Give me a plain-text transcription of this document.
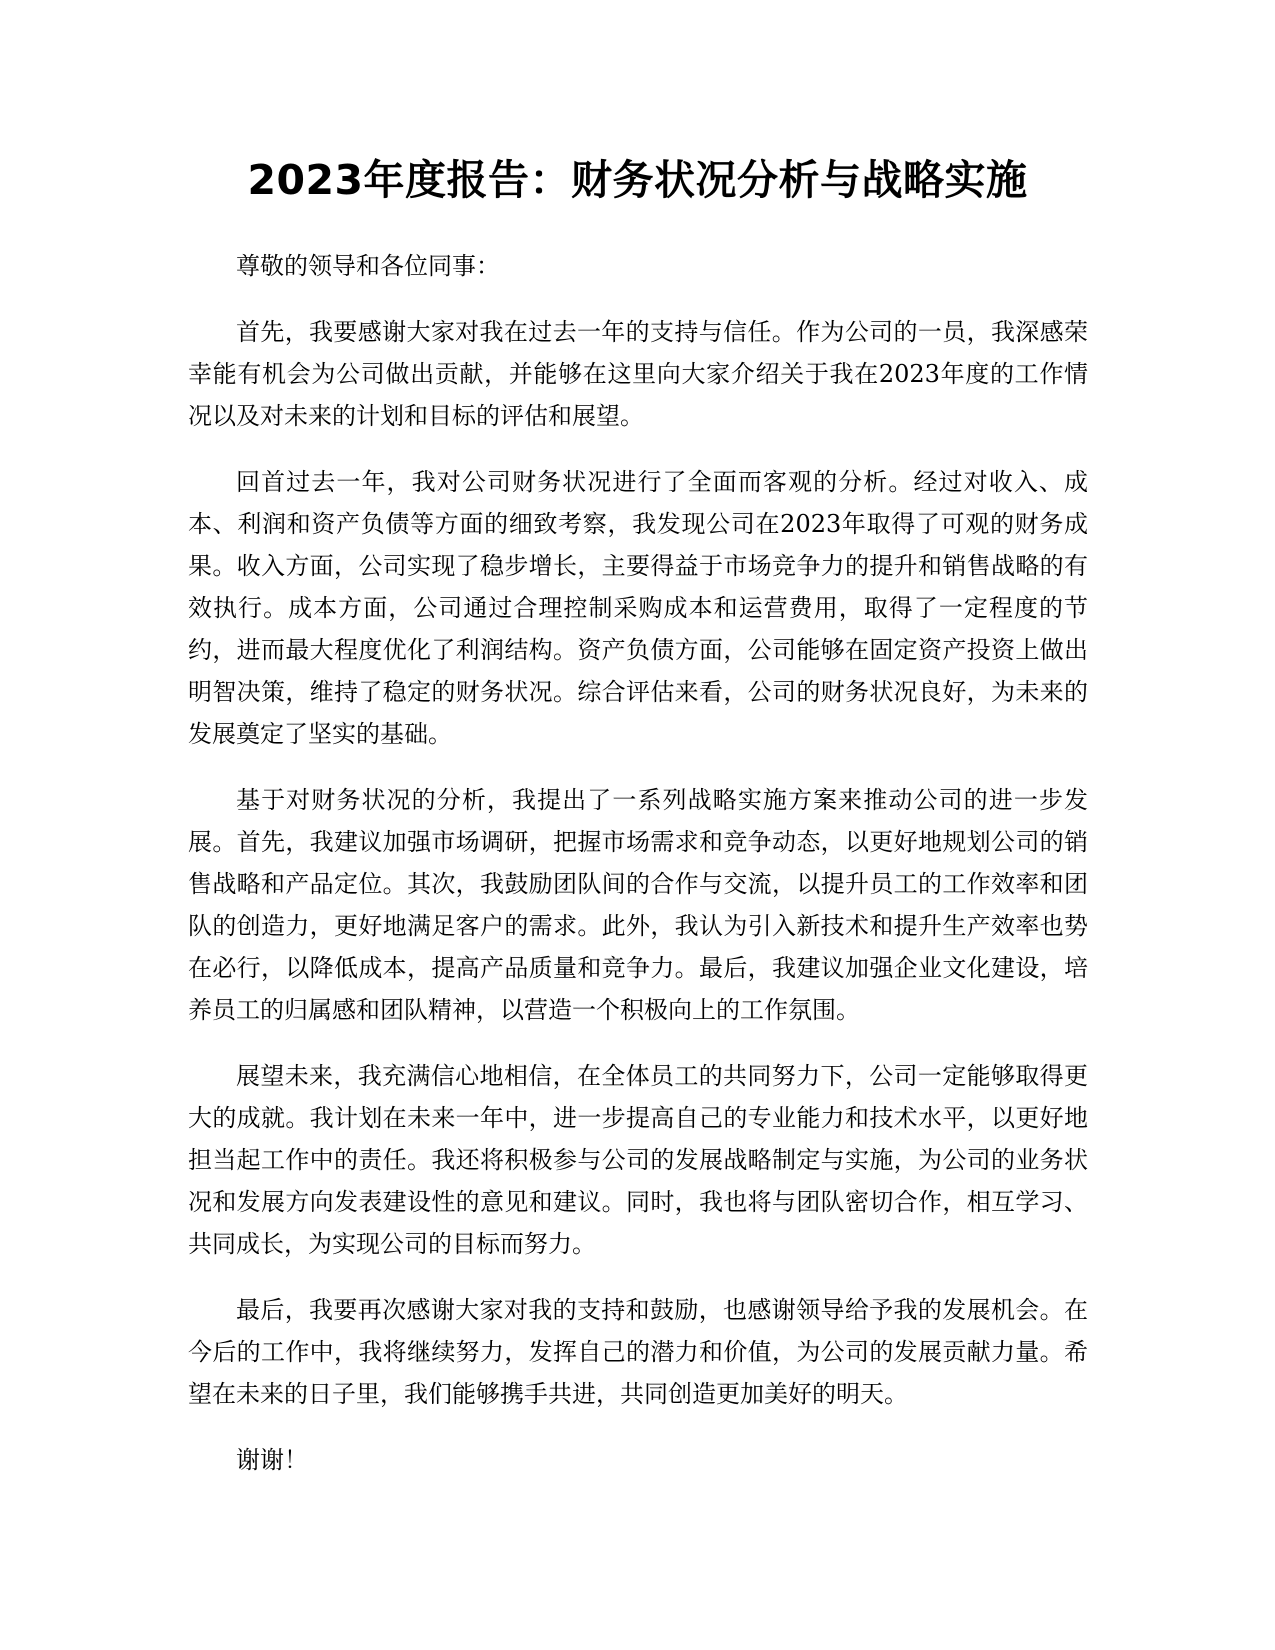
2023年度报告：财务状况分析与战略实施

尊敬的领导和各位同事：

首先，我要感谢大家对我在过去一年的支持与信任。作为公司的一员，我深感荣幸能有机会为公司做出贡献，并能够在这里向大家介绍关于我在2023年度的工作情况以及对未来的计划和目标的评估和展望。

回首过去一年，我对公司财务状况进行了全面而客观的分析。经过对收入、成本、利润和资产负债等方面的细致考察，我发现公司在2023年取得了可观的财务成果。收入方面，公司实现了稳步增长，主要得益于市场竞争力的提升和销售战略的有效执行。成本方面，公司通过合理控制采购成本和运营费用，取得了一定程度的节约，进而最大程度优化了利润结构。资产负债方面，公司能够在固定资产投资上做出明智决策，维持了稳定的财务状况。综合评估来看，公司的财务状况良好，为未来的发展奠定了坚实的基础。

基于对财务状况的分析，我提出了一系列战略实施方案来推动公司的进一步发展。首先，我建议加强市场调研，把握市场需求和竞争动态，以更好地规划公司的销售战略和产品定位。其次，我鼓励团队间的合作与交流，以提升员工的工作效率和团队的创造力，更好地满足客户的需求。此外，我认为引入新技术和提升生产效率也势在必行，以降低成本，提高产品质量和竞争力。最后，我建议加强企业文化建设，培养员工的归属感和团队精神，以营造一个积极向上的工作氛围。

展望未来，我充满信心地相信，在全体员工的共同努力下，公司一定能够取得更大的成就。我计划在未来一年中，进一步提高自己的专业能力和技术水平，以更好地担当起工作中的责任。我还将积极参与公司的发展战略制定与实施，为公司的业务状况和发展方向发表建设性的意见和建议。同时，我也将与团队密切合作，相互学习、共同成长，为实现公司的目标而努力。

最后，我要再次感谢大家对我的支持和鼓励，也感谢领导给予我的发展机会。在今后的工作中，我将继续努力，发挥自己的潜力和价值，为公司的发展贡献力量。希望在未来的日子里，我们能够携手共进，共同创造更加美好的明天。

谢谢！
